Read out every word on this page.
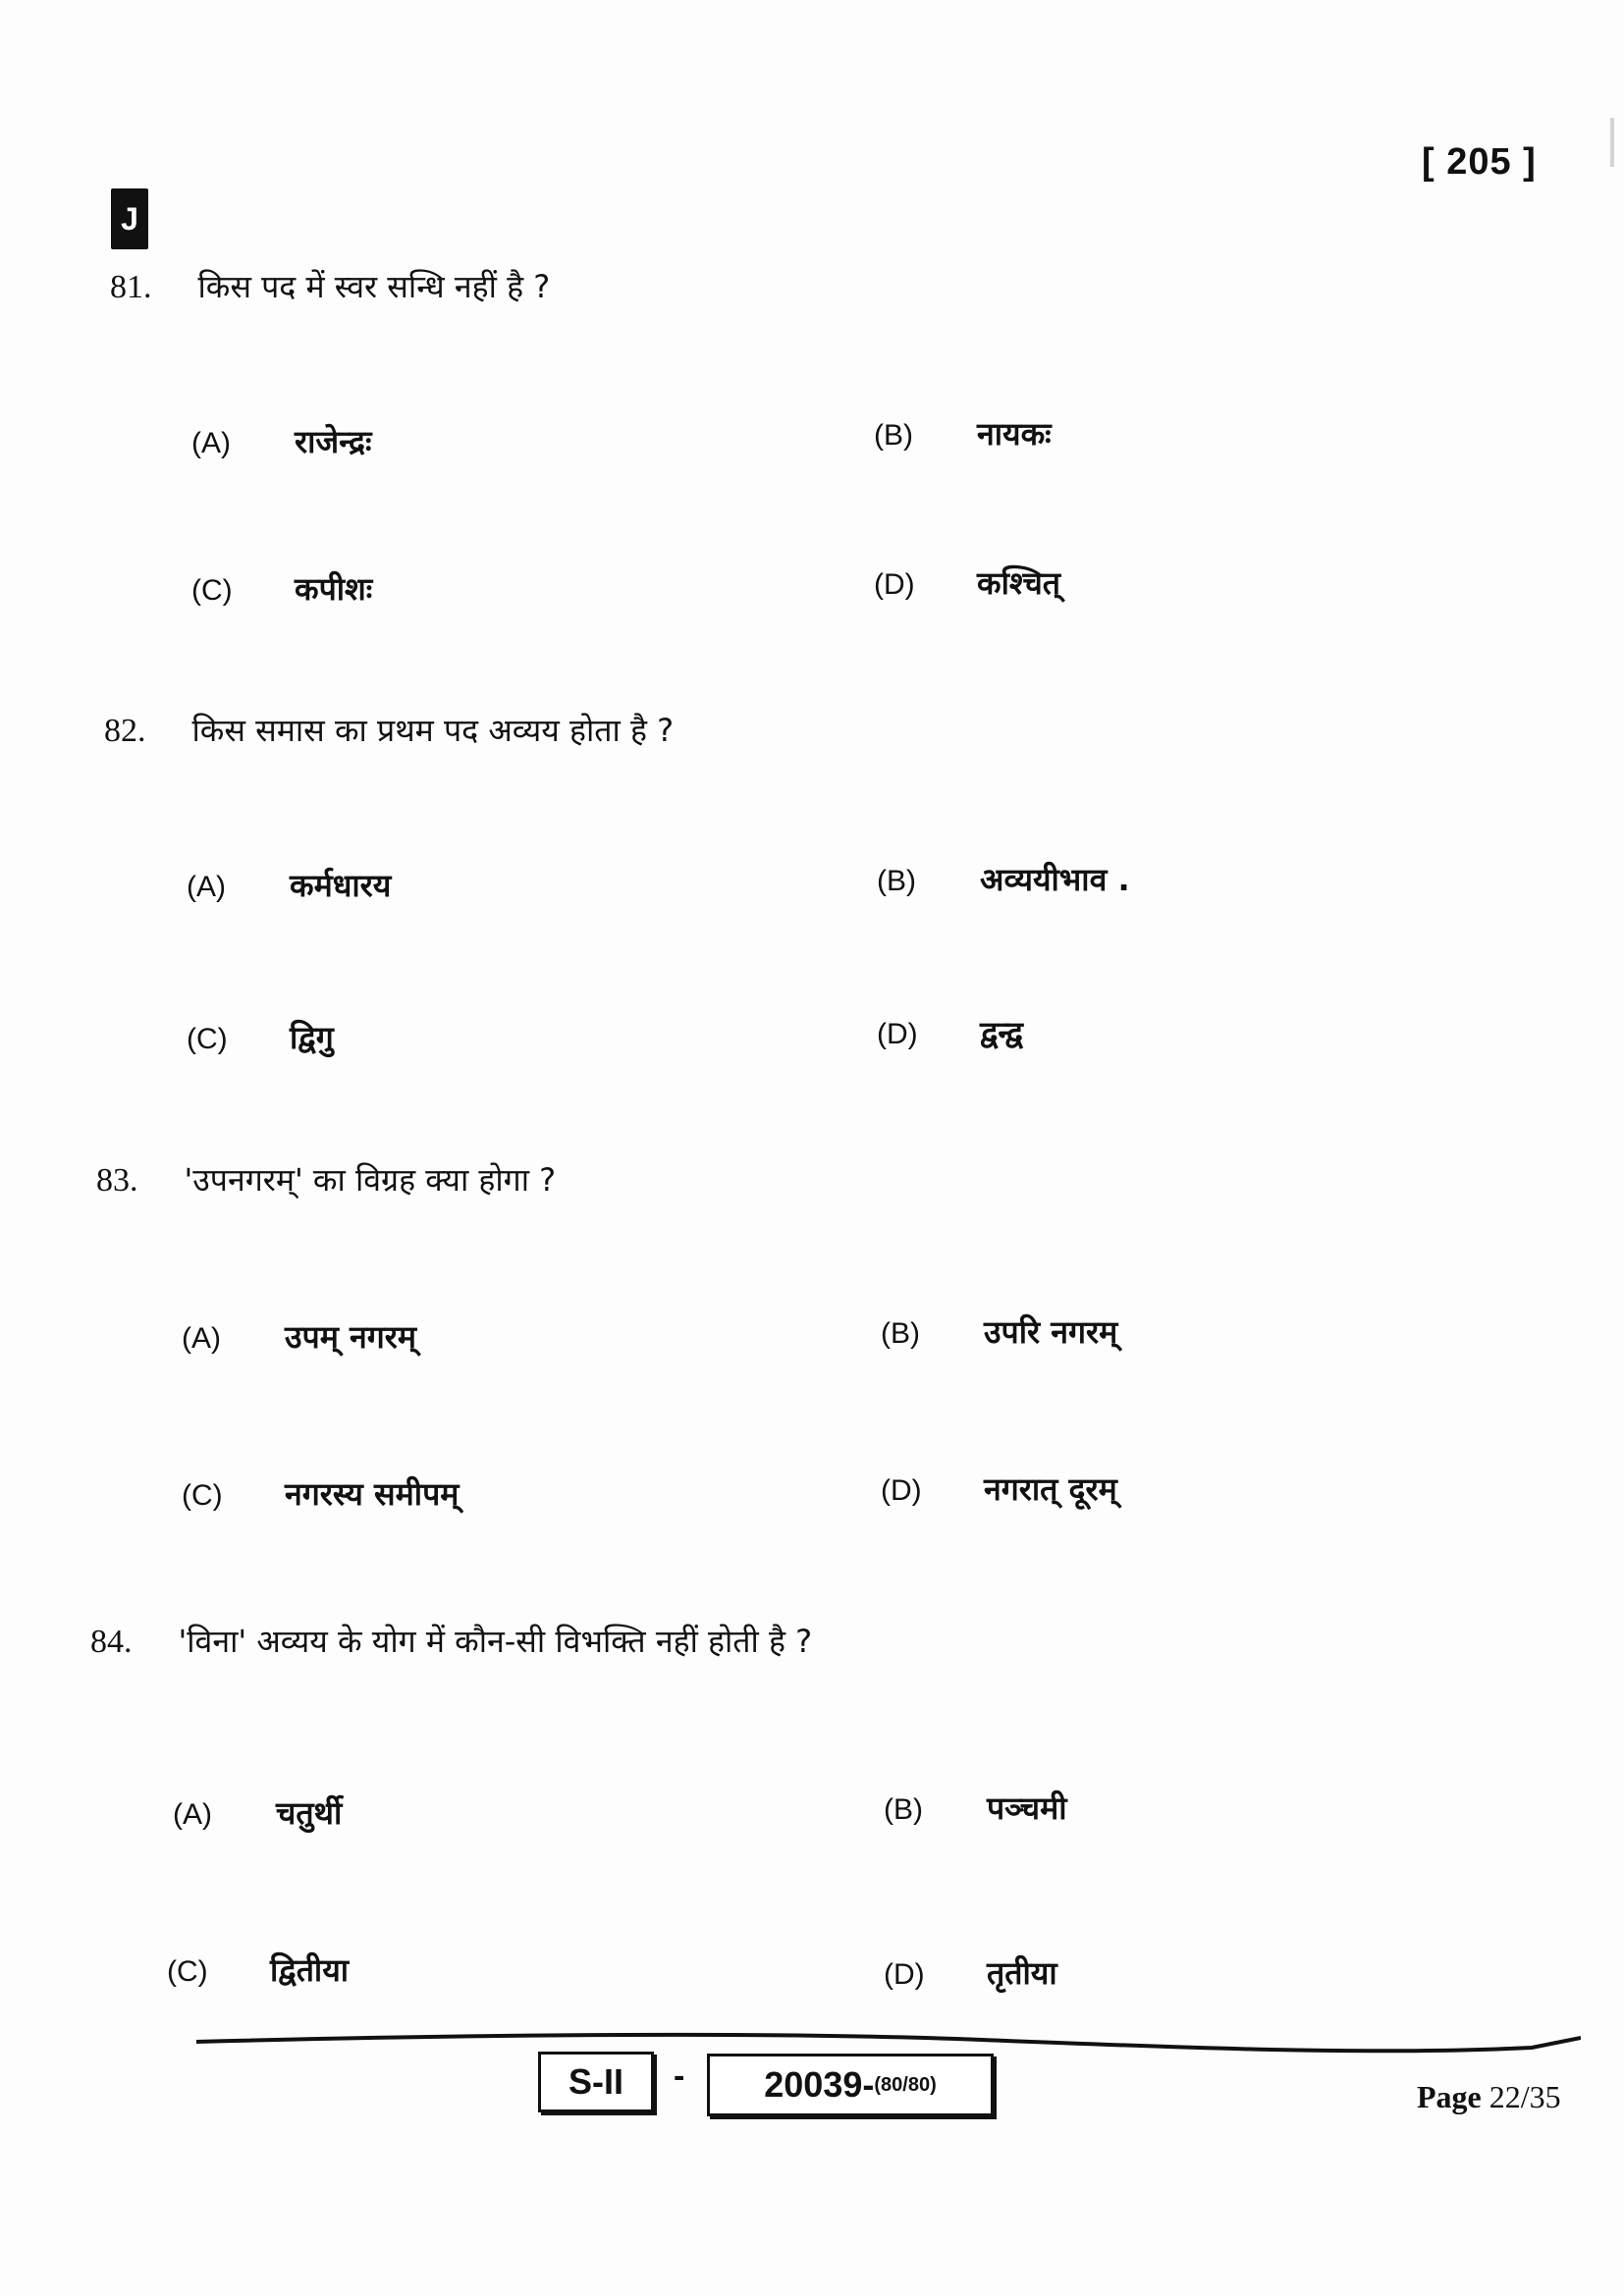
[ 205 ]
J
81. किस पद में स्वर सन्धि नहीं है ?
(A)	राजेन्द्रः	(B)	नायकः
(C)	कपीशः	(D)	कश्चित्
82. किस समास का प्रथम पद अव्यय होता है ?
(A)	कर्मधारय	(B)	अव्ययीभाव .
(C)	द्विगु	(D)	द्वन्द्व
83. 'उपनगरम्' का विग्रह क्या होगा ?
(A)	उपम् नगरम्	(B)	उपरि नगरम्
(C)	नगरस्य समीपम्	(D)	नगरात् दूरम्
84. 'विना' अव्यय के योग में कौन-सी विभक्ति नहीं होती है ?
(A)	चतुर्थी	(B)	पञ्चमी
(C)	द्वितीया	(D)	तृतीया
S-II - 20039- (80/80)	Page 22/35
